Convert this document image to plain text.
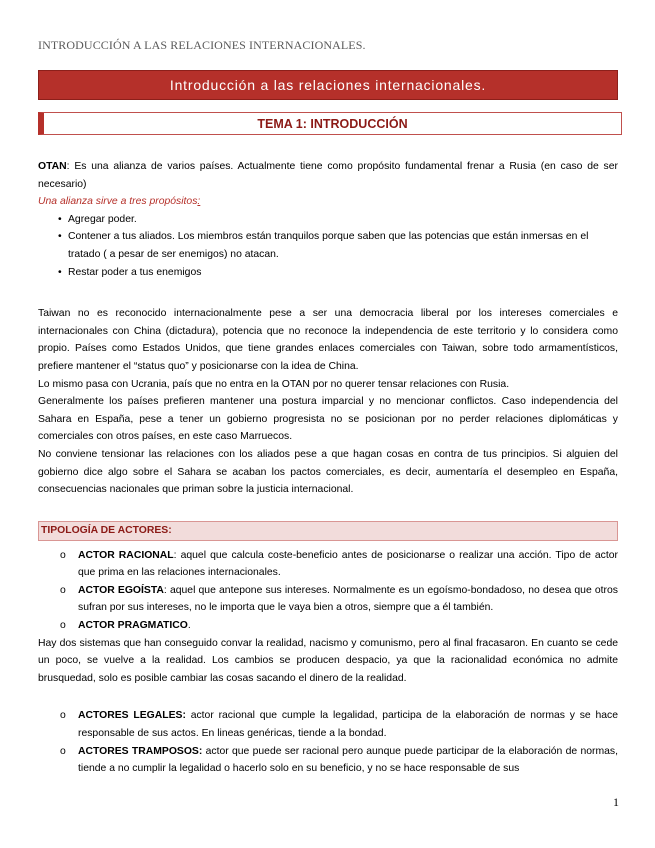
INTRODUCCIÓN A LAS RELACIONES INTERNACIONALES.
Introducción a las relaciones internacionales.
TEMA 1: INTRODUCCIÓN

OTAN: Es una alianza de varios países. Actualmente tiene como propósito fundamental frenar a Rusia (en caso de ser necesario)

Una alianza sirve a tres propósitos:

• Agregar poder.
• Contener a tus aliados. Los miembros están tranquilos porque saben que las potencias que están inmersas en el tratado ( a pesar de ser enemigos) no atacan.
• Restar poder a tus enemigos

Taiwan no es reconocido internacionalmente pese a ser una democracia liberal por los intereses comerciales e internacionales con China (dictadura), potencia que no reconoce la independencia de este territorio y lo considera como propio. Países como Estados Unidos, que tiene grandes enlaces comerciales con Taiwan, sobre todo armamentísticos, prefiere mantener el “status quo” y posicionarse con la idea de China.

Lo mismo pasa con Ucrania, país que no entra en la OTAN por no querer tensar relaciones con Rusia.

Generalmente los países prefieren mantener una postura imparcial y no mencionar conflictos. Caso independencia del Sahara en España, pese a tener un gobierno progresista no se posicionan por no perder relaciones diplomáticas y comerciales con otros países, en este caso Marruecos.

No conviene tensionar las relaciones con los aliados pese a que hagan cosas en contra de tus principios. Si alguien del gobierno dice algo sobre el Sahara se acaban los pactos comerciales, es decir, aumentaría el desempleo en España, consecuencias nacionales que priman sobre la justicia internacional.

TIPOLOGÍA DE ACTORES:
o ACTOR RACIONAL: aquel que calcula coste-beneficio antes de posicionarse o realizar una acción. Tipo de actor que prima en las relaciones internacionales.
o ACTOR EGOÍSTA: aquel que antepone sus intereses. Normalmente es un egoísmo-bondadoso, no desea que otros sufran por sus intereses, no le importa que le vaya bien a otros, siempre que a él también.
o ACTOR PRAGMATICO.

Hay dos sistemas que han conseguido convar la realidad, nacismo y comunismo, pero al final fracasaron. En cuanto se cede un poco, se vuelve a la realidad. Los cambios se producen despacio, ya que la racionalidad económica no admite brusquedad, solo es posible cambiar las cosas sacando el dinero de la realidad.

o ACTORES LEGALES: actor racional que cumple la legalidad, participa de la elaboración de normas y se hace responsable de sus actos. En lineas genéricas, tiende a la bondad.
o ACTORES TRAMPOSOS: actor que puede ser racional pero aunque puede participar de la elaboración de normas, tiende a no cumplir la legalidad o hacerlo solo en su beneficio, y no se hace responsable de sus
1
